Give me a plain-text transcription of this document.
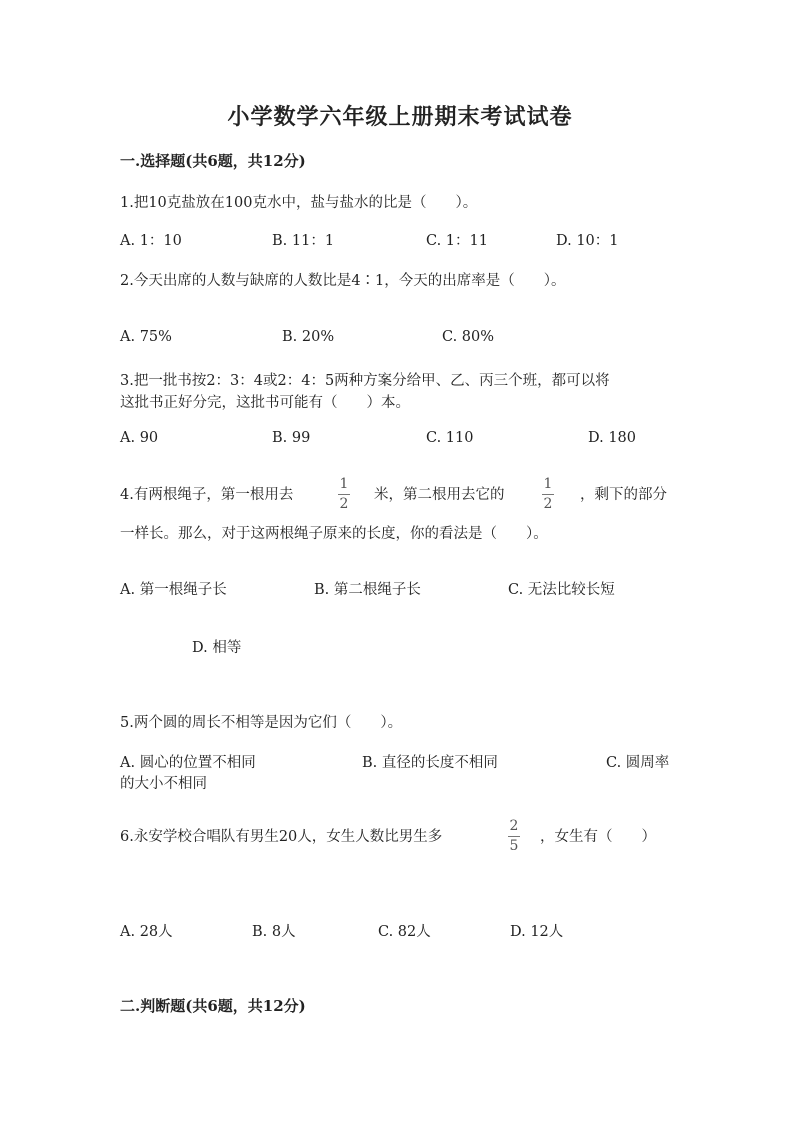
小学数学六年级上册期末考试试卷
一.选择题(共6题，共12分)
1.把10克盐放在100克水中，盐与盐水的比是（　　）。
A. 1：10	B. 11：1	C. 1：11	D. 10：1
2.今天出席的人数与缺席的人数比是4∶1，今天的出席率是（　　）。
A. 75%	B. 20%	C. 80%
3.把一批书按2：3：4或2：4：5两种方案分给甲、乙、丙三个班，都可以将
这批书正好分完，这批书可能有（　　）本。
A. 90	B. 99	C. 110	D. 180
4.有两根绳子，第一根用去
1
2
米，第二根用去它的
1
2
，剩下的部分
一样长。那么，对于这两根绳子原来的长度，你的看法是（　　）。
A. 第一根绳子长	B. 第二根绳子长	C. 无法比较长短
D. 相等
5.两个圆的周长不相等是因为它们（　　）。
A. 圆心的位置不相同	B. 直径的长度不相同	C. 圆周率
的大小不相同
6.永安学校合唱队有男生20人，女生人数比男生多
2
5
，女生有（　　）
A. 28人	B. 8人	C. 82人	D. 12人
二.判断题(共6题，共12分)
